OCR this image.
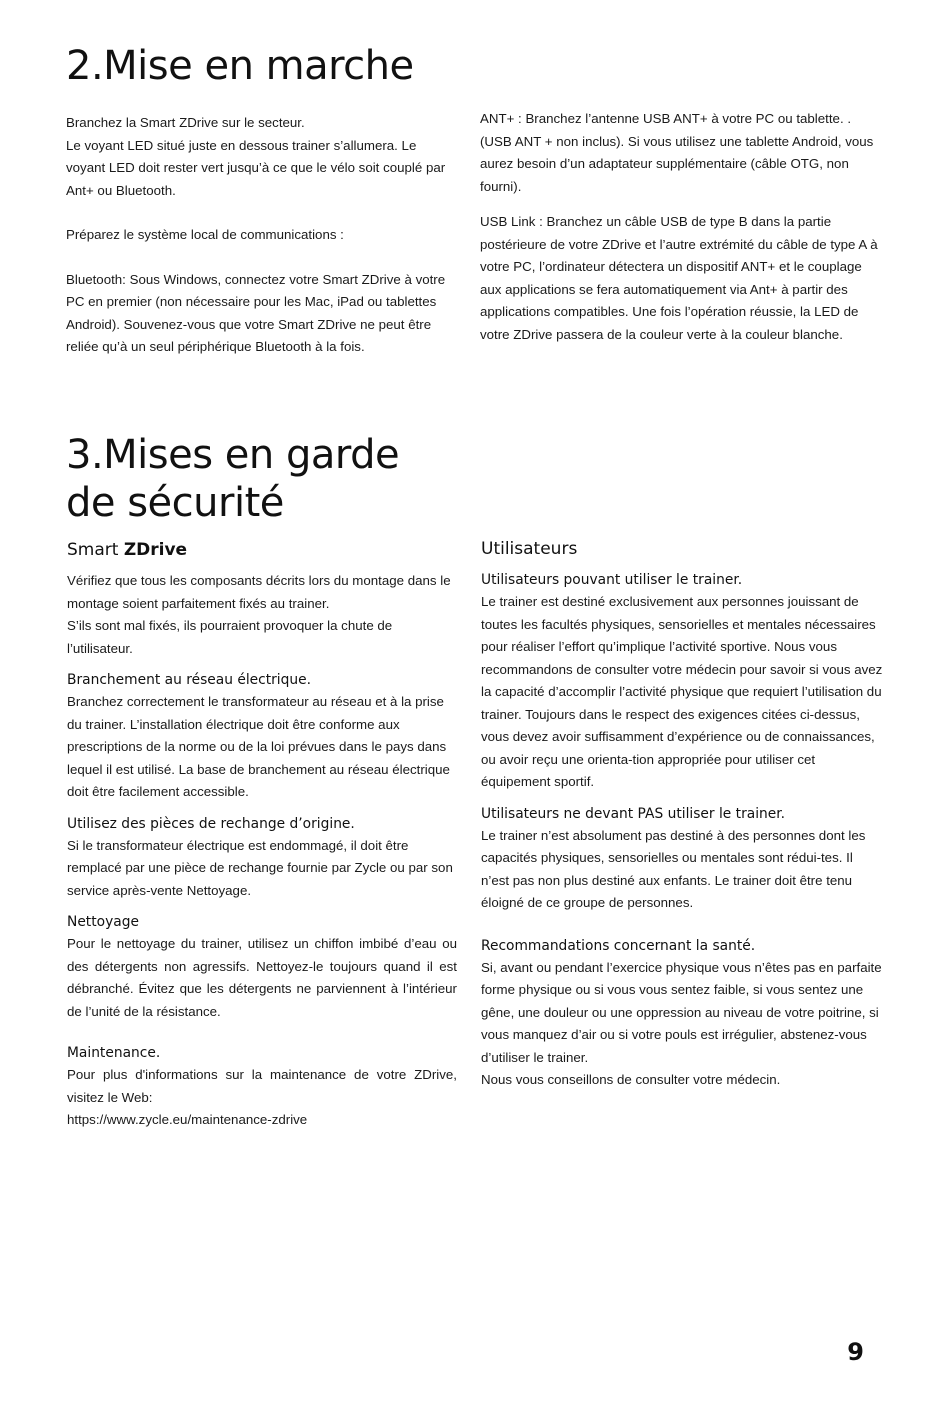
2.Mise en marche

Branchez la Smart ZDrive sur le secteur.

Le voyant LED situé juste en dessous trainer s’allumera. Le voyant LED doit rester vert jusqu’à ce que le vélo soit couplé par Ant+ ou Bluetooth.

Préparez le système local de communications :

Bluetooth: Sous Windows, connectez votre Smart ZDrive à votre PC en premier (non nécessaire pour les Mac, iPad ou tablettes Android). Souvenez-vous que votre Smart ZDrive ne peut être reliée qu’à un seul périphérique Bluetooth à la fois.

ANT+ : Branchez l’antenne USB ANT+ à votre PC ou tablette. . (USB ANT + non inclus). Si vous utilisez une tablette Android, vous aurez besoin d’un adaptateur supplémentaire (câble OTG, non fourni).

USB Link : Branchez un câble USB de type B dans la partie postérieure de votre ZDrive et l’autre extrémité du câble de type A à votre PC, l’ordinateur détectera un dispositif ANT+ et le couplage aux applications se fera automatiquement via Ant+ à partir des applications compatibles. Une fois l’opération réussie, la LED de votre ZDrive passera de la couleur verte à la couleur blanche.

3.Mises en garde
de sécurité
Smart ZDrive

Vérifiez que tous les composants décrits lors du montage dans le montage soient parfaitement fixés au trainer.

S’ils sont mal fixés, ils pourraient provoquer la chute de l’utilisateur.

Branchement au réseau électrique.

Branchez correctement le transformateur au réseau et à la prise du trainer. L’installation électrique doit être conforme aux prescriptions de la norme ou de la loi prévues dans le pays dans lequel il est utilisé. La base de branchement au réseau électrique doit être facilement accessible.

Utilisez des pièces de rechange d’origine.

Si le transformateur électrique est endommagé, il doit être remplacé par une pièce de rechange fournie par Zycle ou par son service après-vente Nettoyage.

Nettoyage

Pour le nettoyage du trainer, utilisez un chiffon imbibé d’eau ou des détergents non agressifs. Nettoyez-le toujours quand il est débranché. Évitez que les détergents ne parviennent à l’intérieur de l’unité de la résistance.

Maintenance.

Pour plus d'informations sur la maintenance de votre ZDrive, visitez le Web:

https://www.zycle.eu/maintenance-zdrive

Utilisateurs
Utilisateurs pouvant utiliser le trainer.

Le trainer est destiné exclusivement aux personnes jouissant de toutes les facultés physiques, sensorielles et mentales nécessaires pour réaliser l’effort qu’implique l’activité sportive. Nous vous recommandons de consulter votre médecin pour savoir si vous avez la capacité d’accomplir l’activité physique que requiert l’utilisation du trainer. Toujours dans le respect des exigences citées ci-dessus, vous devez avoir suffisamment d’expérience ou de connaissances, ou avoir reçu une orienta-tion appropriée pour utiliser cet équipement sportif.

Utilisateurs ne devant PAS utiliser le trainer.

Le trainer n’est absolument pas destiné à des personnes dont les capacités physiques, sensorielles ou mentales sont rédui-tes. Il n’est pas non plus destiné aux enfants. Le trainer doit être tenu éloigné de ce groupe de personnes.

Recommandations concernant la santé.

Si, avant ou pendant l’exercice physique vous n’êtes pas en parfaite forme physique ou si vous vous sentez faible, si vous sentez une gêne, une douleur ou une oppression au niveau de votre poitrine, si vous manquez d’air ou si votre pouls est irrégulier, abstenez-vous d’utiliser le trainer.

Nous vous conseillons de consulter votre médecin.

9
